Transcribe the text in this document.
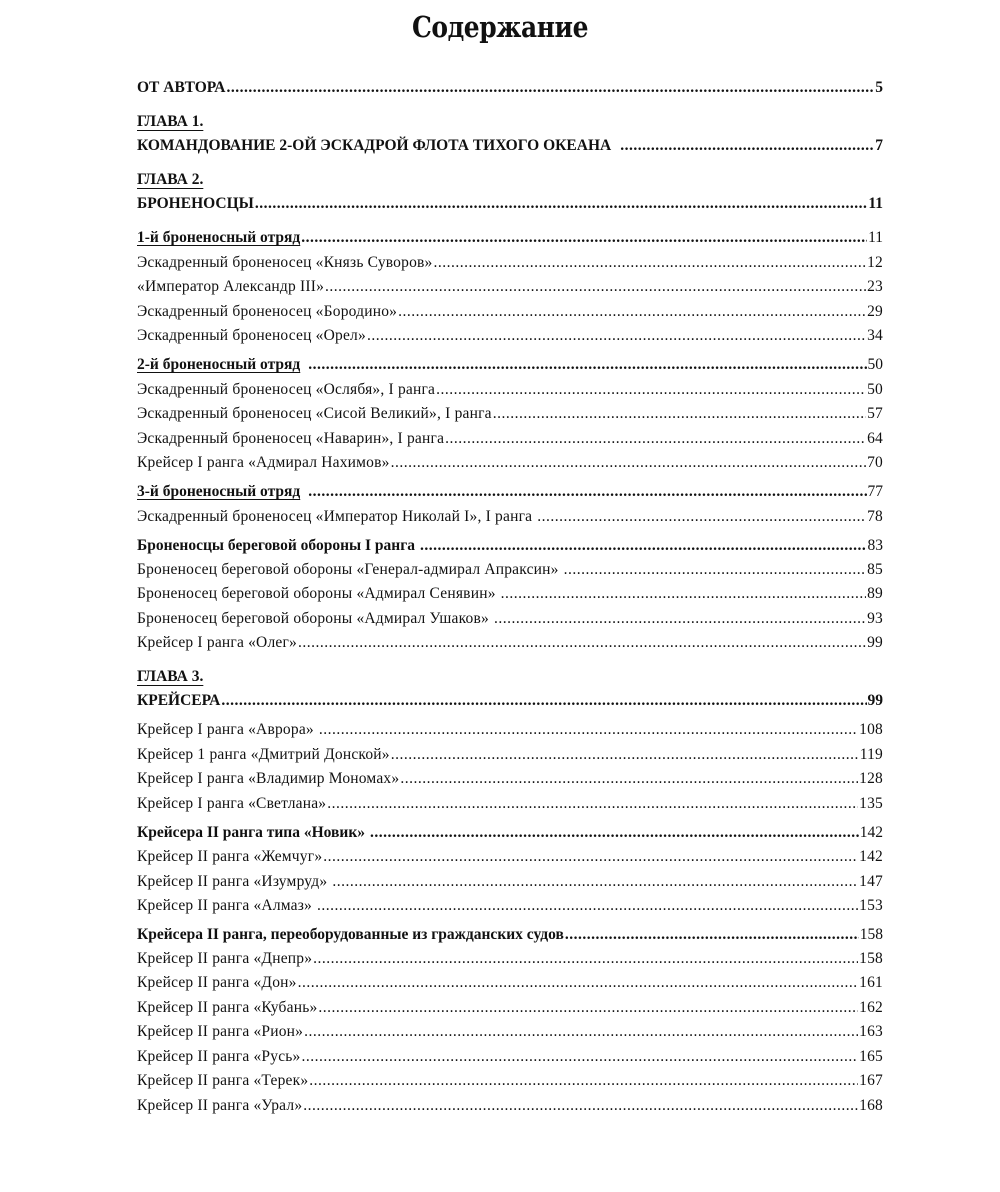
Содержание
ОТ АВТОРА .....	5
ГЛАВА 1.
КОМАНДОВАНИЕ 2-ОЙ ЭСКАДРОЙ ФЛОТА ТИХОГО ОКЕАНА .....	7
ГЛАВА 2.
БРОНЕНОСЦЫ .....	11
1-й броненосный отряд .....	11
Эскадренный броненосец «Князь Суворов» .....	12
«Император Александр III» .....	23
Эскадренный броненосец «Бородино» .....	29
Эскадренный броненосец «Орел» .....	34
2-й броненосный отряд .....	50
Эскадренный броненосец «Ослябя», I ранга .....	50
Эскадренный броненосец «Сисой Великий», I ранга .....	57
Эскадренный броненосец «Наварин», I ранга .....	64
Крейсер I ранга «Адмирал Нахимов» .....	70
3-й броненосный отряд .....	77
Эскадренный броненосец «Император Николай I», I ранга .....	78
Броненосцы береговой обороны I ранга .....	83
Броненосец береговой обороны «Генерал-адмирал Апраксин» .....	85
Броненосец береговой обороны «Адмирал Сенявин» .....	89
Броненосец береговой обороны «Адмирал Ушаков» .....	93
Крейсер I ранга «Олег» .....	99
ГЛАВА 3.
КРЕЙСЕРА .....	99
Крейсер I ранга «Аврора» .....	108
Крейсер 1 ранга «Дмитрий Донской» .....	119
Крейсер I ранга «Владимир Мономах» .....	128
Крейсер I ранга «Светлана» .....	135
Крейсера II ранга типа «Новик» .....	142
Крейсер II ранга «Жемчуг» .....	142
Крейсер II ранга «Изумруд» .....	147
Крейсер II ранга «Алмаз» .....	153
Крейсера II ранга, переоборудованные из гражданских судов .....	158
Крейсер II ранга «Днепр» .....	158
Крейсер II ранга «Дон» .....	161
Крейсер II ранга «Кубань» .....	162
Крейсер II ранга «Рион» .....	163
Крейсер II ранга «Русь» .....	165
Крейсер II ранга «Терек» .....	167
Крейсер II ранга «Урал» .....	168
